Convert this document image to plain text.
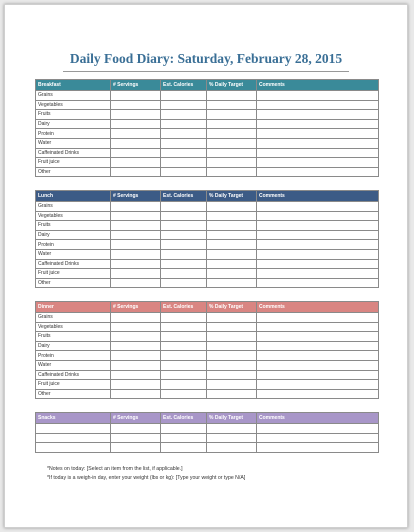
Daily Food Diary: Saturday, February 28, 2015
Breakfast	# Servings	Est. Calories	% Daily Target	Comments
Grains				
Vegetables				
Fruits				
Dairy				
Protein				
Water				
Caffeinated Drinks				
Fruit juice				
Other				
Lunch	# Servings	Est. Calories	% Daily Target	Comments
Grains				
Vegetables				
Fruits				
Dairy				
Protein				
Water				
Caffeinated Drinks				
Fruit juice				
Other				
Dinner	# Servings	Est. Calories	% Daily Target	Comments
Grains				
Vegetables				
Fruits				
Dairy				
Protein				
Water				
Caffeinated Drinks				
Fruit juice				
Other				
Snacks	# Servings	Est. Calories	% Daily Target	Comments

*Notes on today: [Select an item from the list, if applicable.]
*If today is a weigh-in day, enter your weight (lbs or kg): [Type your weight or type N/A]
